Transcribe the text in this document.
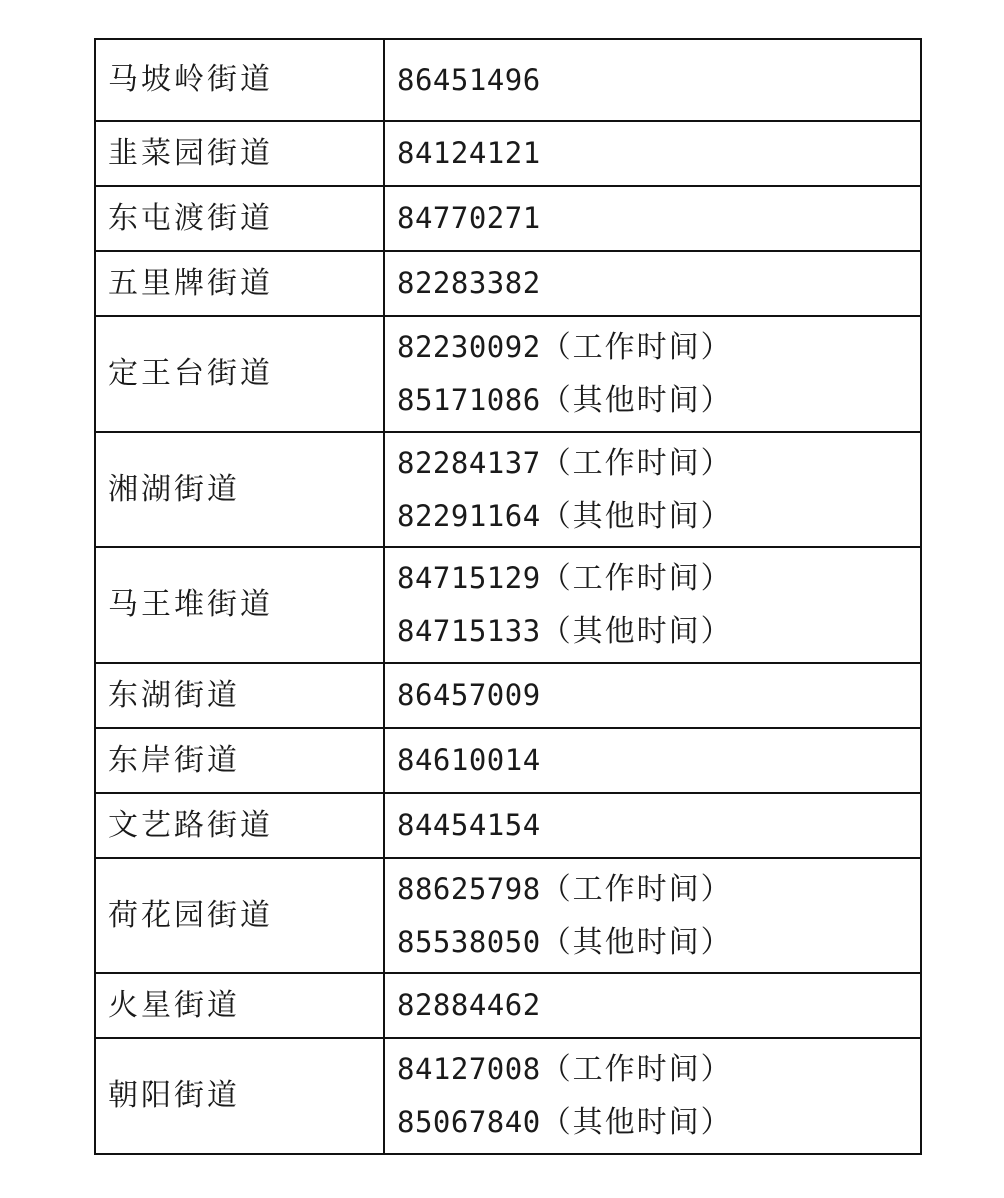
马坡岭街道	86451496

韭菜园街道	84124121

东屯渡街道	84770271

五里牌街道	82283382

定王台街道	82230092（工作时间）
85171086（其他时间）

湘湖街道	82284137（工作时间）
82291164（其他时间）

马王堆街道	84715129（工作时间）
84715133（其他时间）

东湖街道	86457009

东岸街道	84610014

文艺路街道	84454154

荷花园街道	88625798（工作时间）
85538050（其他时间）

火星街道	82884462

朝阳街道	84127008（工作时间）
85067840（其他时间）
